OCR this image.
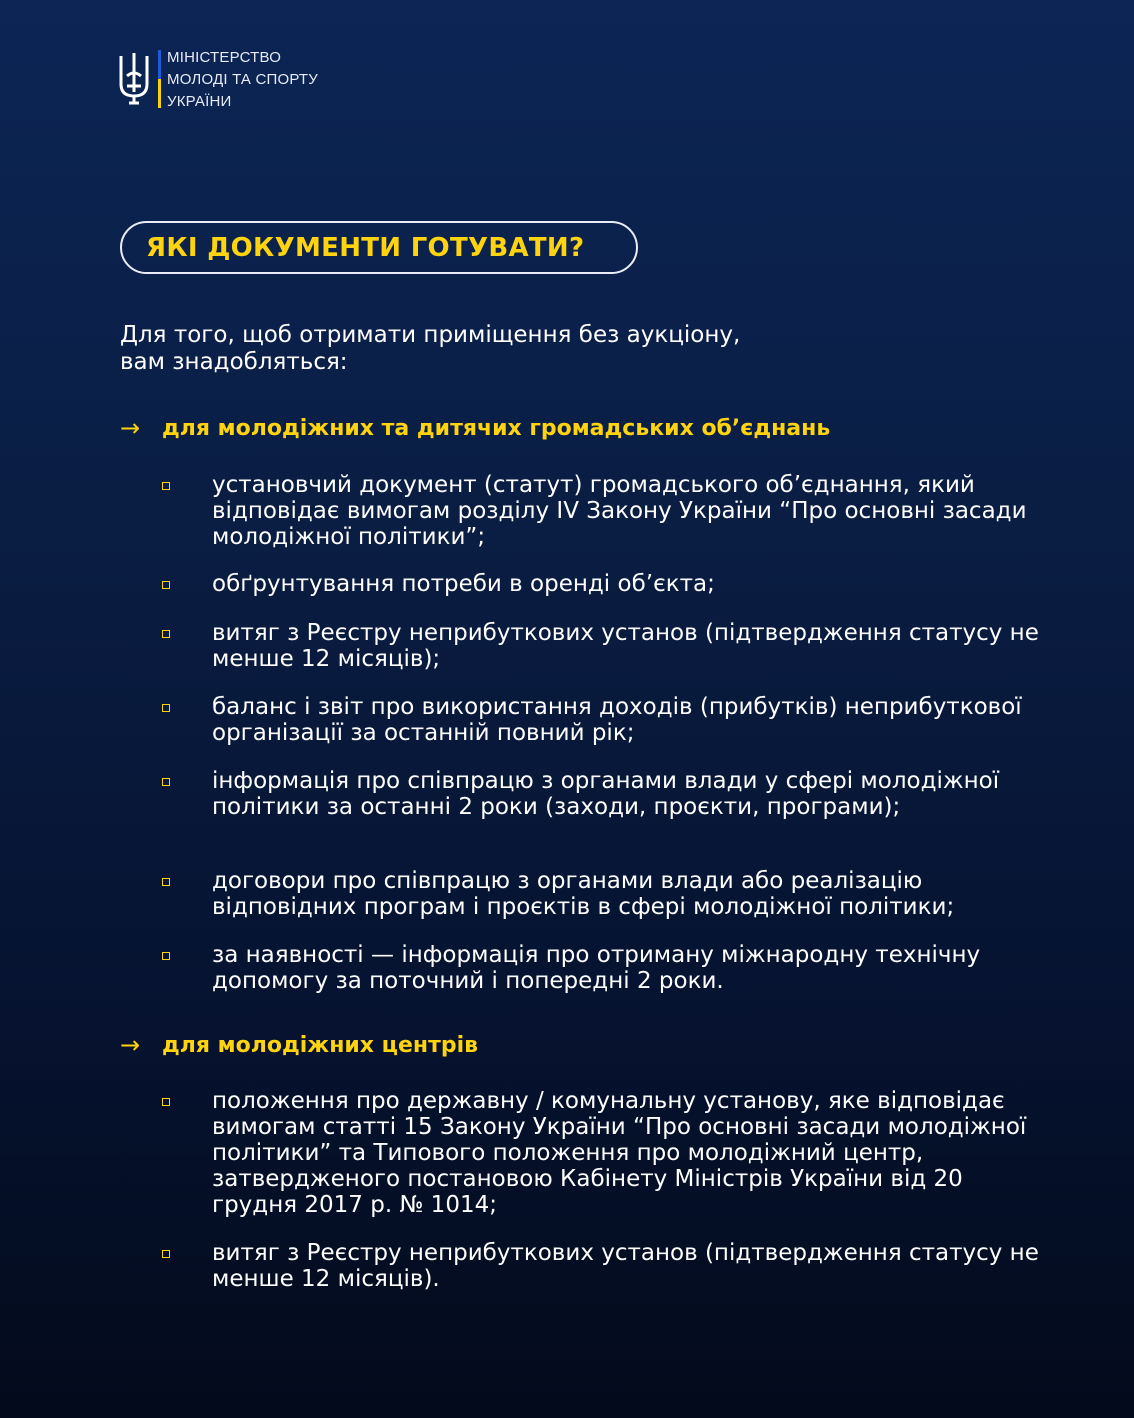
МІНІСТЕРСТВО
МОЛОДІ ТА СПОРТУ
УКРАЇНИ
ЯКІ ДОКУМЕНТИ ГОТУВАТИ?
Для того, щоб отримати приміщення без аукціону,
вам знадобляться:
→ для молодіжних та дитячих громадських об’єднань
установчий документ (статут) громадського об’єднання, який відповідає вимогам розділу IV Закону України “Про основні засади молодіжної політики”;
обґрунтування потреби в оренді об’єкта;
витяг з Реєстру неприбуткових установ (підтвердження статусу не менше 12 місяців);
баланс і звіт про використання доходів (прибутків) неприбуткової організації за останній повний рік;
інформація про співпрацю з органами влади у сфері молодіжної політики за останні 2 роки (заходи, проєкти, програми);
договори про співпрацю з органами влади або реалізацію відповідних програм і проєктів в сфері молодіжної політики;
за наявності — інформація про отриману міжнародну технічну допомогу за поточний і попередні 2 роки.
→ для молодіжних центрів
положення про державну / комунальну установу, яке відповідає вимогам статті 15 Закону України “Про основні засади молодіжної політики” та Типового положення про молодіжний центр, затвердженого постановою Кабінету Міністрів України від 20 грудня 2017 р. № 1014;
витяг з Реєстру неприбуткових установ (підтвердження статусу не менше 12 місяців).
